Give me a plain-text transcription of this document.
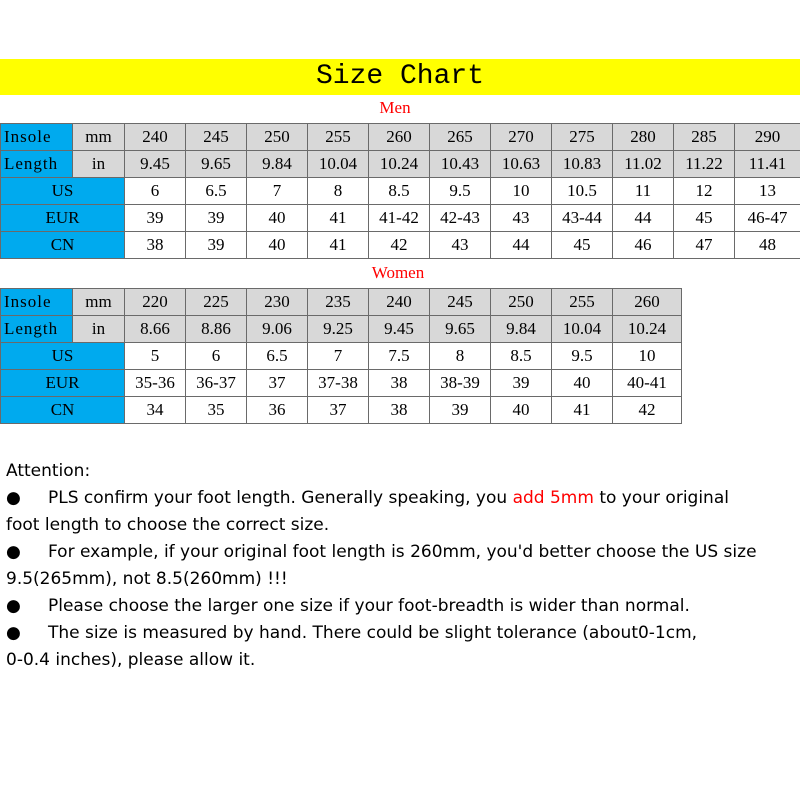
Size Chart
Men
Insole	mm	240	245	250	255	260	265	270	275	280	285	290
Length	in	9.45	9.65	9.84	10.04	10.24	10.43	10.63	10.83	11.02	11.22	11.41
US		6	6.5	7	8	8.5	9.5	10	10.5	11	12	13
EUR		39	39	40	41	41-42	42-43	43	43-44	44	45	46-47
CN		38	39	40	41	42	43	44	45	46	47	48
Women
Insole	mm	220	225	230	235	240	245	250	255	260
Length	in	8.66	8.86	9.06	9.25	9.45	9.65	9.84	10.04	10.24
US		5	6	6.5	7	7.5	8	8.5	9.5	10
EUR		35-36	36-37	37	37-38	38	38-39	39	40	40-41
CN		34	35	36	37	38	39	40	41	42
Attention:
● PLS confirm your foot length. Generally speaking, you add 5mm to your original
foot length to choose the correct size.
● For example, if your original foot length is 260mm, you'd better choose the US size
9.5(265mm), not 8.5(260mm) !!!
● Please choose the larger one size if your foot-breadth is wider than normal.
● The size is measured by hand. There could be slight tolerance (about0-1cm,
0-0.4 inches), please allow it.
